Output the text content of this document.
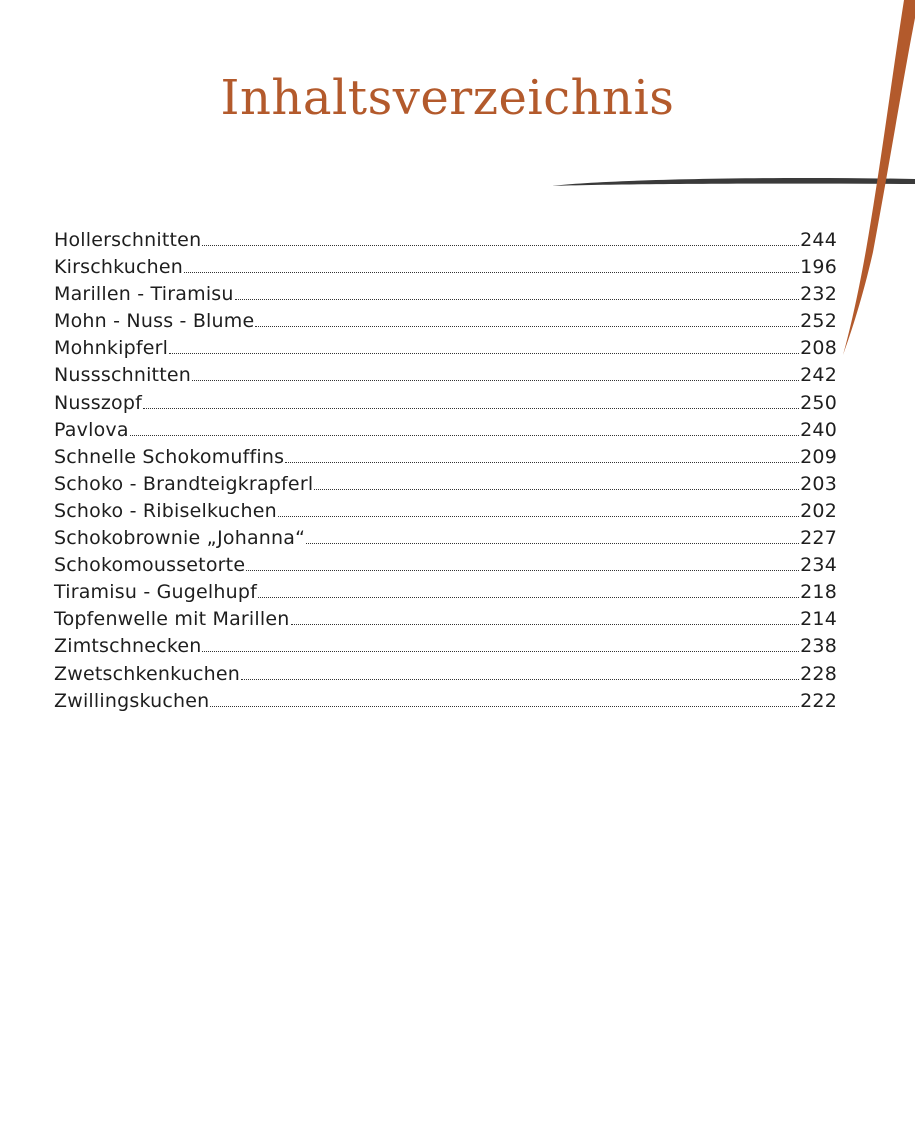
Inhaltsverzeichnis
Hollerschnitten	244
Kirschkuchen	196
Marillen - Tiramisu	232
Mohn - Nuss - Blume	252
Mohnkipferl	208
Nussschnitten	242
Nusszopf	250
Pavlova	240
Schnelle Schokomuffins	209
Schoko - Brandteigkrapferl	203
Schoko - Ribiselkuchen	202
Schokobrownie „Johanna“	227
Schokomoussetorte	234
Tiramisu - Gugelhupf	218
Topfenwelle mit Marillen	214
Zimtschnecken	238
Zwetschkenkuchen	228
Zwillingskuchen	222
